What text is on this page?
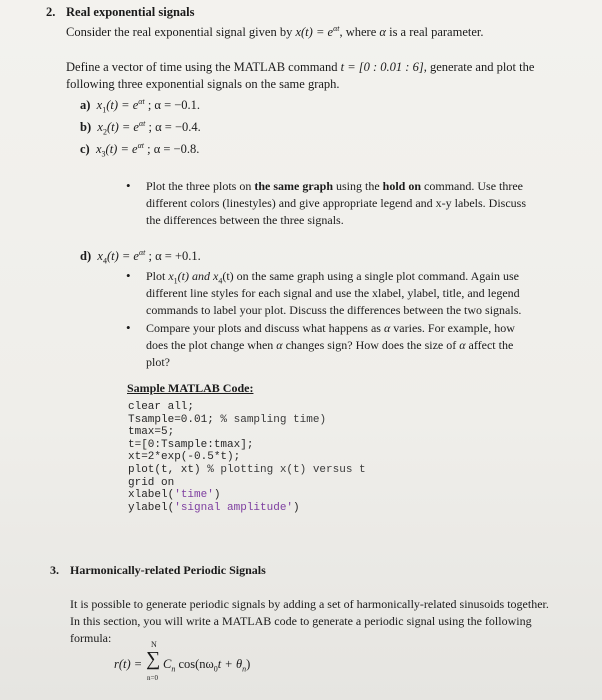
2. Real exponential signals
Consider the real exponential signal given by $x(t) = e^{\alpha t}$, where α is a real parameter.
Define a vector of time using the MATLAB command t = [0 : 0.01 : 6], generate and plot the
following three exponential signals on the same graph.
a) $x_1(t) = e^{\alpha t}$ ; α = −0.1.
b) $x_2(t) = e^{\alpha t}$ ; α = −0.4.
c) $x_3(t) = e^{\alpha t}$ ; α = −0.8.
• Plot the three plots on the same graph using the hold on command. Use three
different colors (linestyles) and give appropriate legend and x-y labels. Discuss
the differences between the three signals.
d) $x_4(t) = e^{\alpha t}$ ; α = +0.1.
• Plot $x_1(t)$ and $x_4(t)$ on the same graph using a single plot command. Again use
different line styles for each signal and use the xlabel, ylabel, title, and legend
commands to label your plot. Discuss the differences between the two signals.
• Compare your plots and discuss what happens as α varies. For example, how
does the plot change when α changes sign? How does the size of α affect the
plot?
Sample MATLAB Code:
clear all;
Tsample=0.01; % sampling time)
tmax=5;
t=[0:Tsample:tmax];
xt=2*exp(-0.5*t);
plot(t, xt) % plotting x(t) versus t
grid on
xlabel('time')
ylabel('signal amplitude')
3. Harmonically-related Periodic Signals
It is possible to generate periodic signals by adding a set of harmonically-related sinusoids together.
In this section, you will write a MATLAB code to generate a periodic signal using the following
formula:
r(t) =
N
∑
n=0
$C_n$ $\cos(n\omega_0t + \theta_n)$
